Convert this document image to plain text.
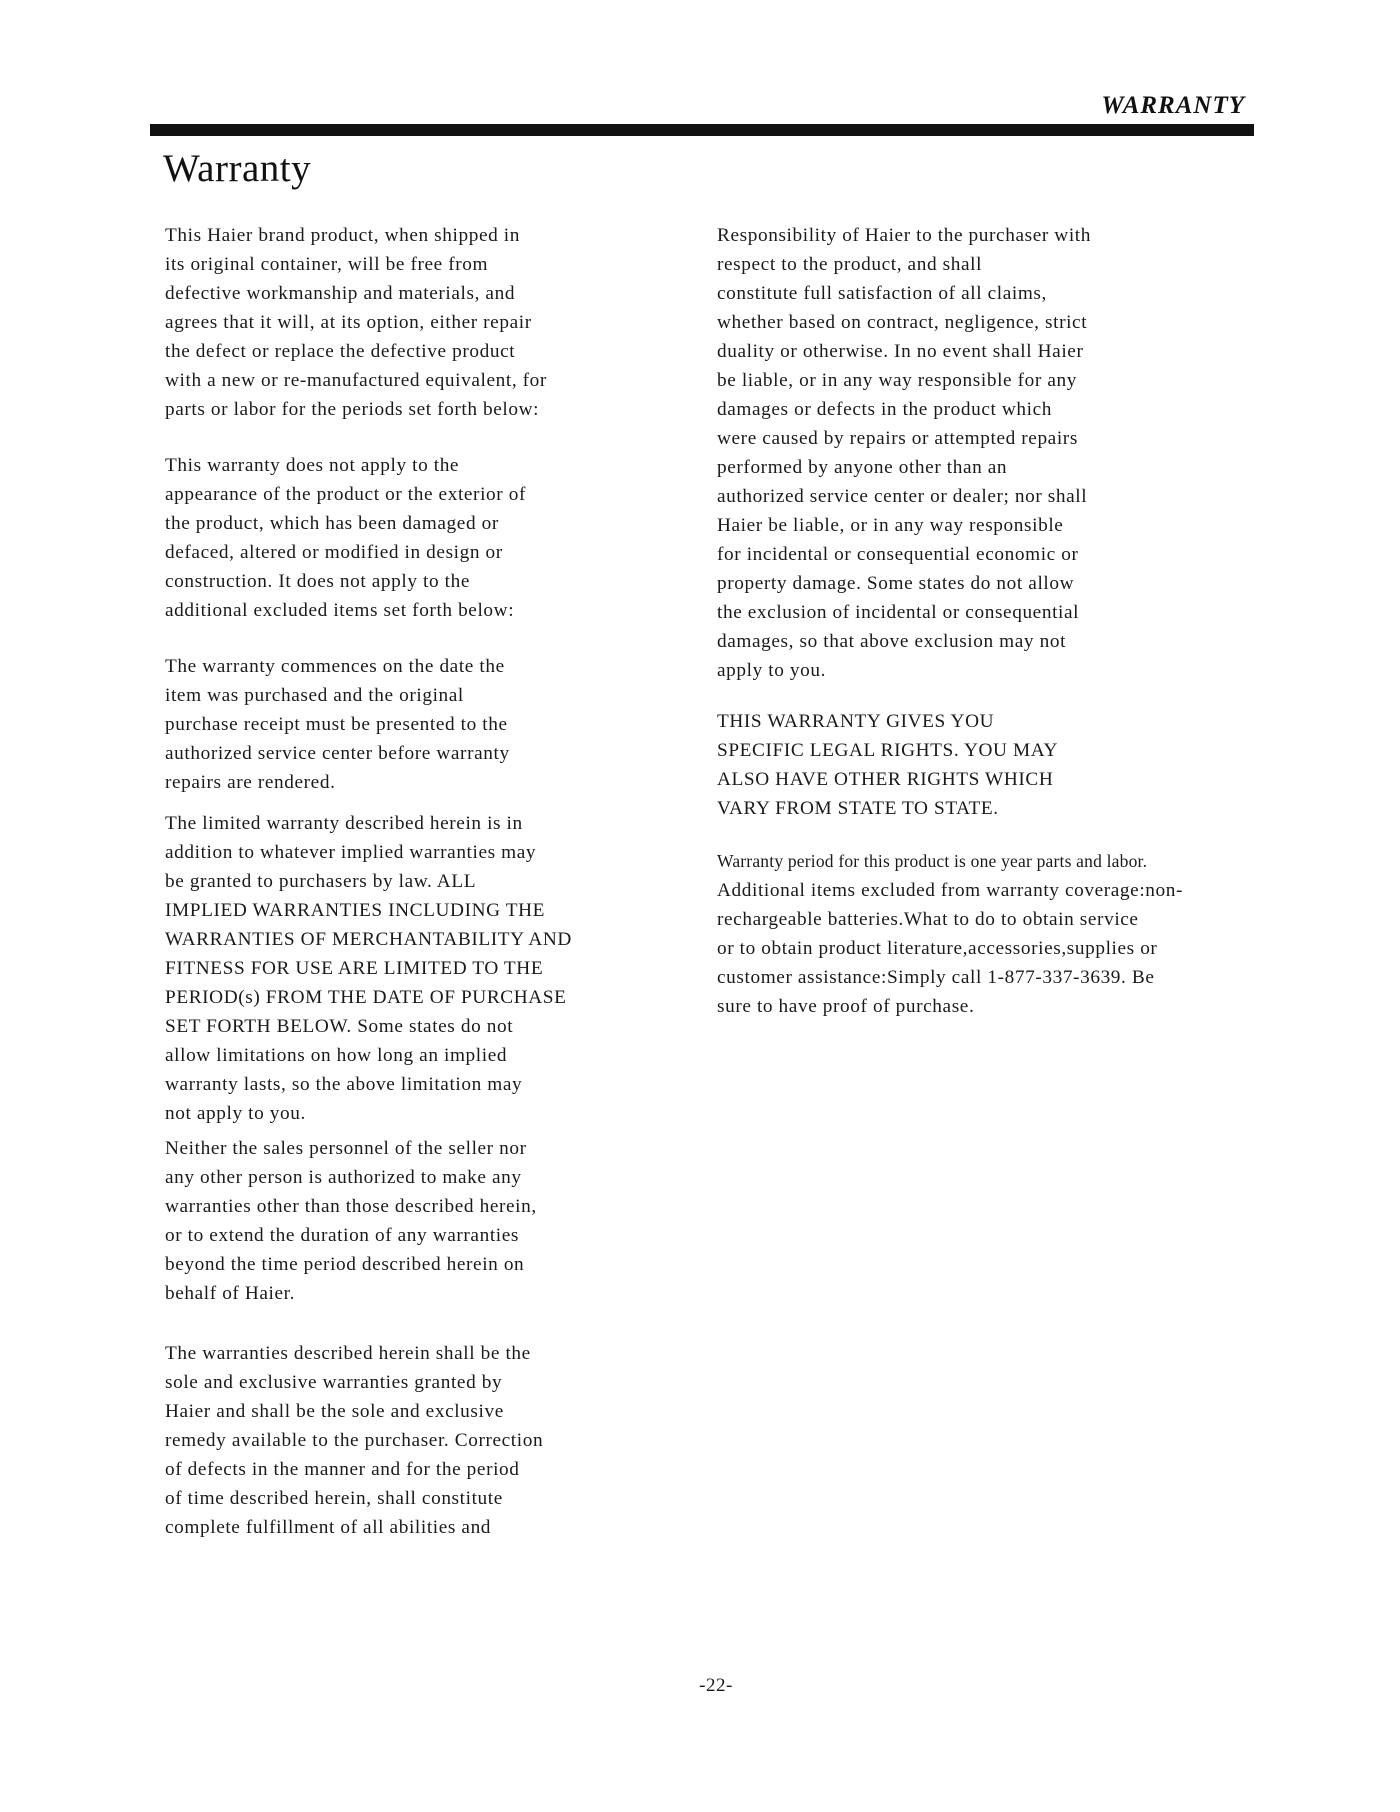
WARRANTY
Warranty

This Haier brand product, when shipped in
its original container, will be free from
defective workmanship and materials, and
agrees that it will, at its option, either repair
the defect or replace the defective product
with a new or re-manufactured equivalent, for
parts or labor for the periods set forth below:

This warranty does not apply to the
appearance of the product or the exterior of
the product, which has been damaged or
defaced, altered or modified in design or
construction. It does not apply to the
additional excluded items set forth below:

The warranty commences on the date the
item was purchased and the original
purchase receipt must be presented to the
authorized service center before warranty
repairs are rendered.

The limited warranty described herein is in
addition to whatever implied warranties may
be granted to purchasers by law. ALL
IMPLIED WARRANTIES INCLUDING THE
WARRANTIES OF MERCHANTABILITY AND
FITNESS FOR USE ARE LIMITED TO THE
PERIOD(s) FROM THE DATE OF PURCHASE
SET FORTH BELOW. Some states do not
allow limitations on how long an implied
warranty lasts, so the above limitation may
not apply to you.

Neither the sales personnel of the seller nor
any other person is authorized to make any
warranties other than those described herein,
or to extend the duration of any warranties
beyond the time period described herein on
behalf of Haier.

The warranties described herein shall be the
sole and exclusive warranties granted by
Haier and shall be the sole and exclusive
remedy available to the purchaser. Correction
of defects in the manner and for the period
of time described herein, shall constitute
complete fulfillment of all abilities and

Responsibility of Haier to the purchaser with
respect to the product, and shall
constitute full satisfaction of all claims,
whether based on contract, negligence, strict
duality or otherwise. In no event shall Haier
be liable, or in any way responsible for any
damages or defects in the product which
were caused by repairs or attempted repairs
performed by anyone other than an
authorized service center or dealer; nor shall
Haier be liable, or in any way responsible
for incidental or consequential economic or
property damage. Some states do not allow
the exclusion of incidental or consequential
damages, so that above exclusion may not
apply to you.

THIS WARRANTY GIVES YOU
SPECIFIC LEGAL RIGHTS. YOU MAY
ALSO HAVE OTHER RIGHTS WHICH
VARY FROM STATE TO STATE.

Warranty period for this product is one year parts and labor.
Additional items excluded from warranty coverage:non-
rechargeable batteries.What to do to obtain service
or to obtain product literature,accessories,supplies or
customer assistance:Simply call 1-877-337-3639. Be
sure to have proof of purchase.

-22-
